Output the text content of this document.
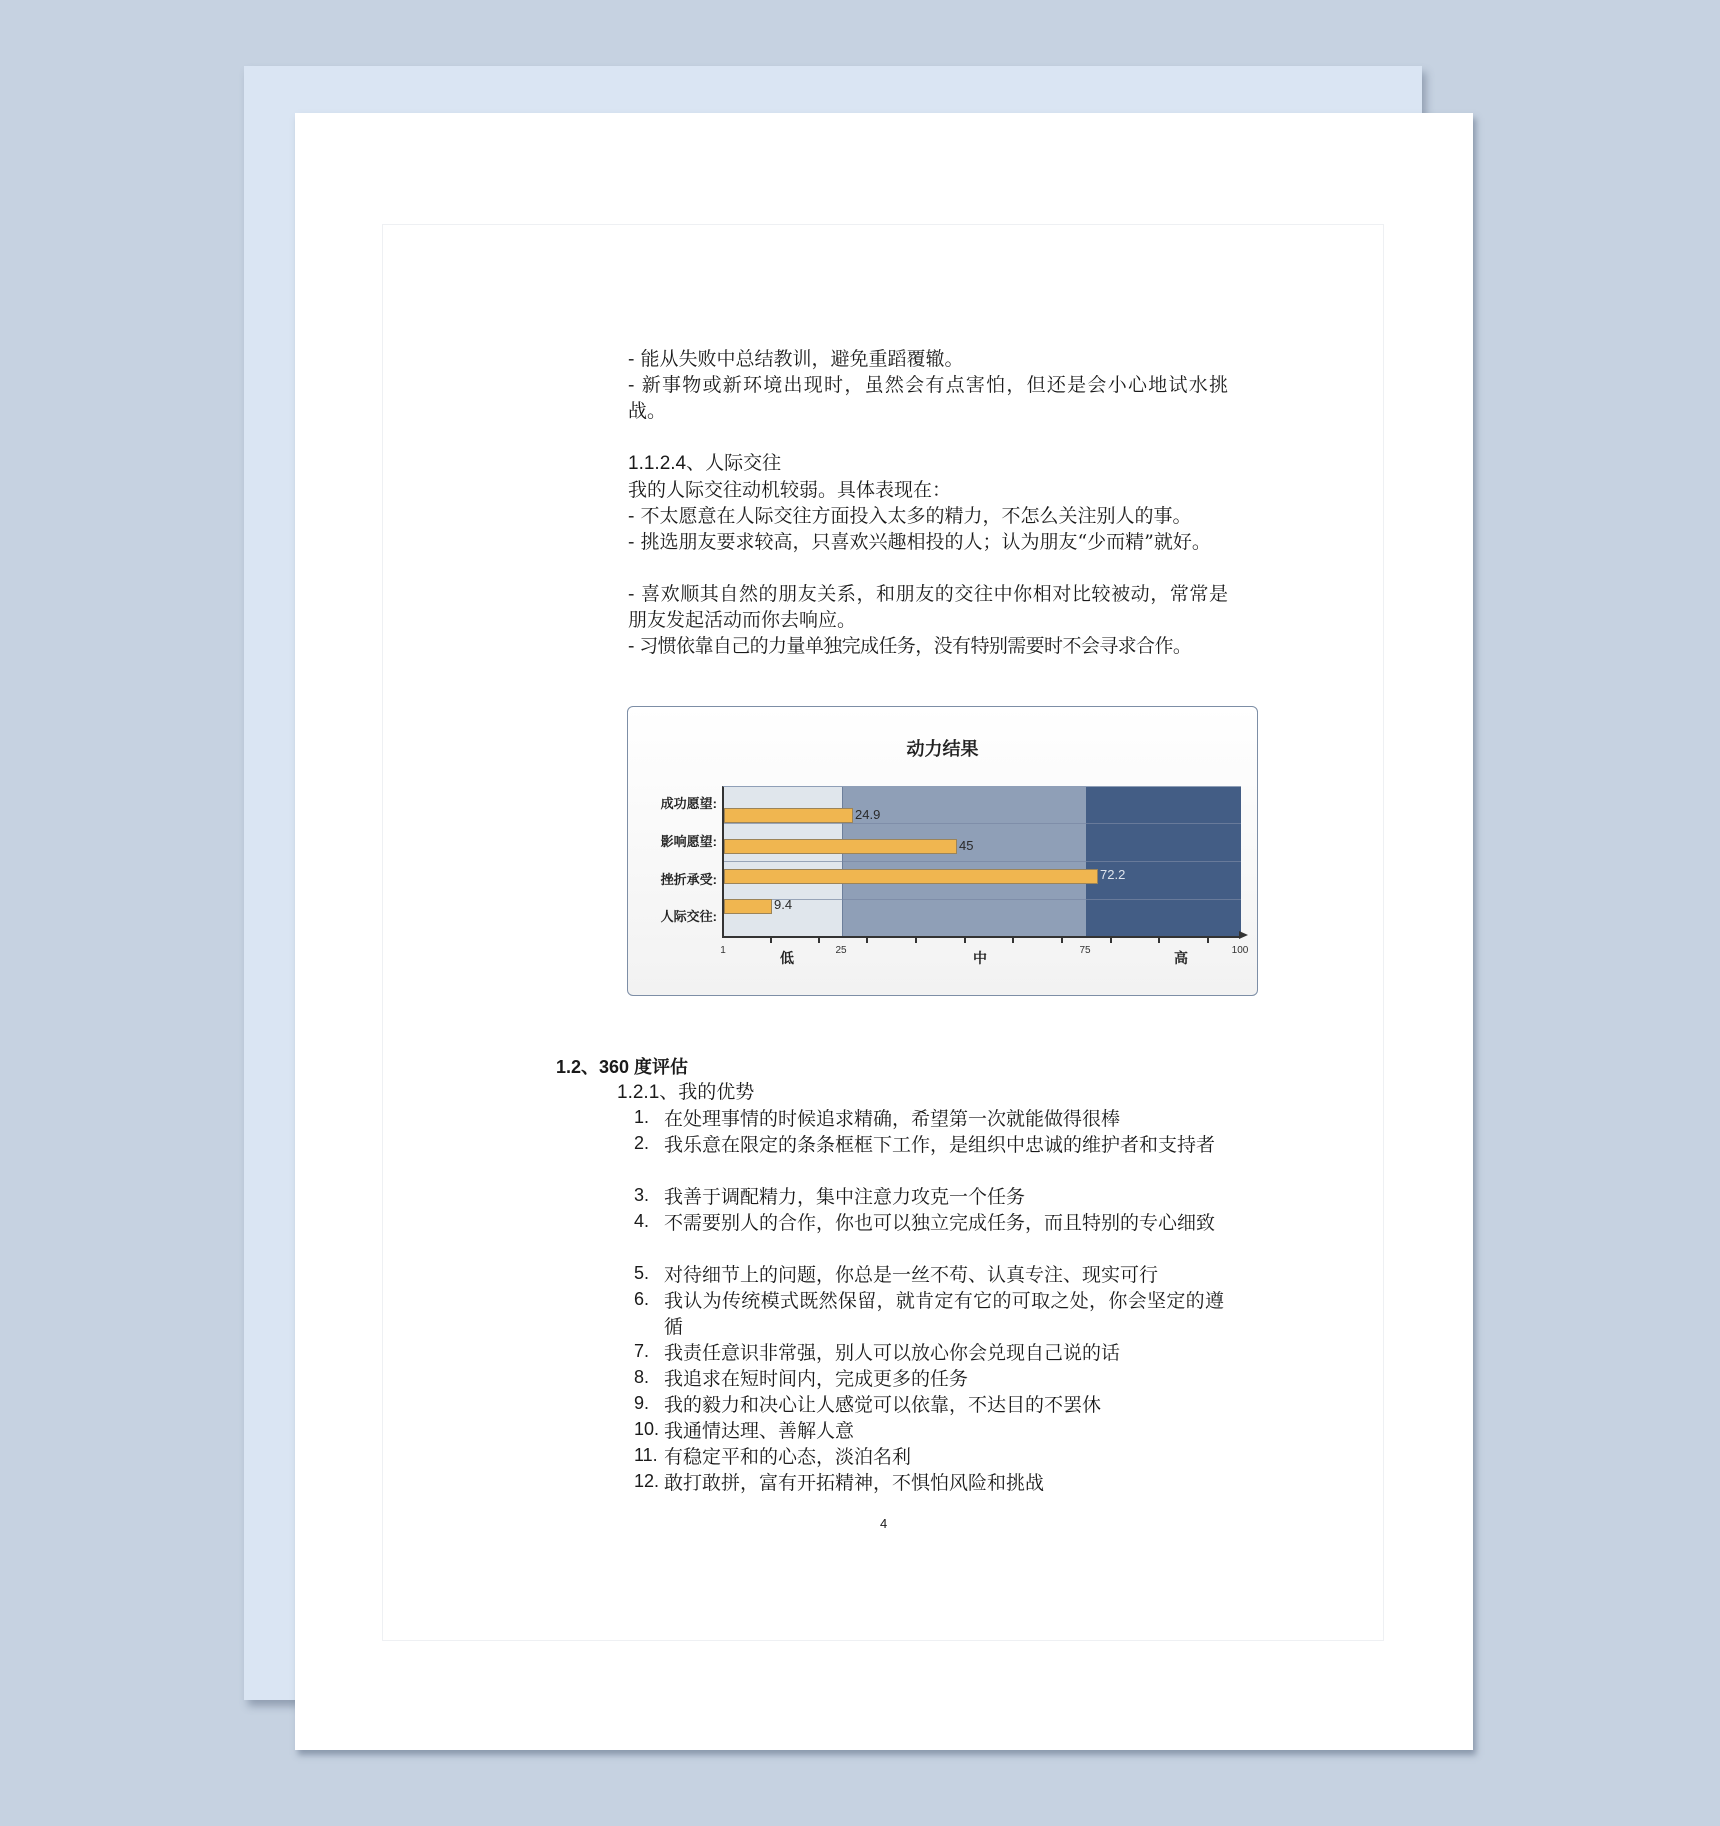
- 能从失败中总结教训，避免重蹈覆辙。
- 新事物或新环境出现时，虽然会有点害怕，但还是会小心地试水挑战。
1.1.2.4、人际交往
我的人际交往动机较弱。具体表现在：
- 不太愿意在人际交往方面投入太多的精力，不怎么关注别人的事。
- 挑选朋友要求较高，只喜欢兴趣相投的人；认为朋友“少而精”就好。
- 喜欢顺其自然的朋友关系，和朋友的交往中你相对比较被动，常常是朋友发起活动而你去响应。
- 习惯依靠自己的力量单独完成任务，没有特别需要时不会寻求合作。
动力结果
成功愿望:
影响愿望:
挫折承受:
人际交往:
24.9
45
72.2
9.4
1	25	75	100
低	中	高
1.2、360 度评估
1.2.1、我的优势
1. 在处理事情的时候追求精确，希望第一次就能做得很棒
2. 我乐意在限定的条条框框下工作，是组织中忠诚的维护者和支持者
3. 我善于调配精力，集中注意力攻克一个任务
4. 不需要别人的合作，你也可以独立完成任务，而且特别的专心细致
5. 对待细节上的问题，你总是一丝不苟、认真专注、现实可行
6. 我认为传统模式既然保留，就肯定有它的可取之处，你会坚定的遵循
7. 我责任意识非常强，别人可以放心你会兑现自己说的话
8. 我追求在短时间内，完成更多的任务
9. 我的毅力和决心让人感觉可以依靠，不达目的不罢休
10. 我通情达理、善解人意
11. 有稳定平和的心态，淡泊名利
12. 敢打敢拼，富有开拓精神，不惧怕风险和挑战
4
